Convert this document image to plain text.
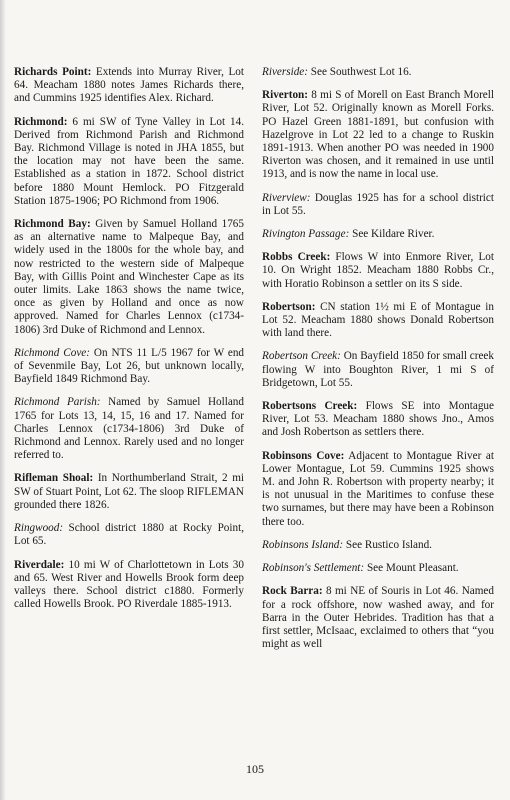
Richards Point: Extends into Murray River, Lot 64. Meacham 1880 notes James Richards there, and Cummins 1925 identifies Alex. Richard.

Richmond: 6 mi SW of Tyne Valley in Lot 14. Derived from Richmond Parish and Richmond Bay. Richmond Village is noted in JHA 1855, but the location may not have been the same. Established as a station in 1872. School district before 1880 Mount Hemlock. PO Fitzgerald Station 1875-1906; PO Richmond from 1906.

Richmond Bay: Given by Samuel Holland 1765 as an alternative name to Malpeque Bay, and widely used in the 1800s for the whole bay, and now restricted to the western side of Malpeque Bay, with Gillis Point and Winchester Cape as its outer limits. Lake 1863 shows the name twice, once as given by Holland and once as now approved. Named for Charles Lennox (c1734-1806) 3rd Duke of Richmond and Lennox.

Richmond Cove: On NTS 11 L/5 1967 for W end of Sevenmile Bay, Lot 26, but unknown locally, Bayfield 1849 Richmond Bay.

Richmond Parish: Named by Samuel Holland 1765 for Lots 13, 14, 15, 16 and 17. Named for Charles Lennox (c1734-1806) 3rd Duke of Richmond and Lennox. Rarely used and no longer referred to.

Rifleman Shoal: In Northumberland Strait, 2 mi SW of Stuart Point, Lot 62. The sloop RIFLEMAN grounded there 1826.

Ringwood: School district 1880 at Rocky Point, Lot 65.

Riverdale: 10 mi W of Charlottetown in Lots 30 and 65. West River and Howells Brook form deep valleys there. School district c1880. Formerly called Howells Brook. PO Riverdale 1885-1913.

Riverside: See Southwest Lot 16.

Riverton: 8 mi S of Morell on East Branch Morell River, Lot 52. Originally known as Morell Forks. PO Hazel Green 1881-1891, but confusion with Hazelgrove in Lot 22 led to a change to Ruskin 1891-1913. When another PO was needed in 1900 Riverton was chosen, and it remained in use until 1913, and is now the name in local use.

Riverview: Douglas 1925 has for a school district in Lot 55.

Rivington Passage: See Kildare River.

Robbs Creek: Flows W into Enmore River, Lot 10. On Wright 1852. Meacham 1880 Robbs Cr., with Horatio Robinson a settler on its S side.

Robertson: CN station 1½ mi E of Montague in Lot 52. Meacham 1880 shows Donald Robertson with land there.

Robertson Creek: On Bayfield 1850 for small creek flowing W into Boughton River, 1 mi S of Bridgetown, Lot 55.

Robertsons Creek: Flows SE into Montague River, Lot 53. Meacham 1880 shows Jno., Amos and Josh Robertson as settlers there.

Robinsons Cove: Adjacent to Montague River at Lower Montague, Lot 59. Cummins 1925 shows M. and John R. Robertson with property nearby; it is not unusual in the Maritimes to confuse these two surnames, but there may have been a Robinson there too.

Robinsons Island: See Rustico Island.

Robinson's Settlement: See Mount Pleasant.

Rock Barra: 8 mi NE of Souris in Lot 46. Named for a rock offshore, now washed away, and for Barra in the Outer Hebrides. Tradition has that a first settler, McIsaac, exclaimed to others that “you might as well

105
